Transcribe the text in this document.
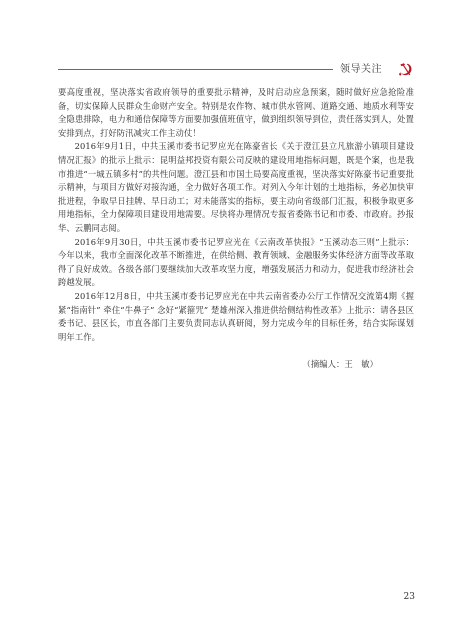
领导关注

要高度重视，坚决落实省政府领导的重要批示精神，及时启动应急预案，随时做好应急抢险准备，切实保障人民群众生命财产安全。特别是农作物、城市供水管网、道路交通、地质水利等安全隐患排除，电力和通信保障等方面要加强值班值守，做到组织领导到位，责任落实到人，处置安排到点，打好防汛减灾工作主动仗！

2016年9月1日，中共玉溪市委书记罗应光在陈豪省长《关于澄江县立凡旅游小镇项目建设情况汇报》的批示上批示：昆明益邦投资有限公司反映的建设用地指标问题，既是个案，也是我市推进“一城五镇多村”的共性问题。澄江县和市国土局要高度重视，坚决落实好陈豪书记重要批示精神，与项目方做好对接沟通，全力做好各项工作。对列入今年计划的土地指标，务必加快审批进程，争取早日挂牌、早日动工；对未能落实的指标，要主动向省级部门汇报，积极争取更多用地指标，全力保障项目建设用地需要。尽快将办理情况专报省委陈书记和市委、市政府。抄报华、云鹏同志阅。

2016年9月30日，中共玉溪市委书记罗应光在《云南改革快报》“玉溪动态三则”上批示：今年以来，我市全面深化改革不断推进，在供给侧、教育领域、金融服务实体经济方面等改革取得了良好成效。各级各部门要继续加大改革攻坚力度，增强发展活力和动力，促进我市经济社会跨越发展。

2016年12月8日，中共玉溪市委书记罗应光在中共云南省委办公厅工作情况交流第4期《握紧“指南针” 牵住“牛鼻子” 念好“紧箍咒” 楚雄州深入推进供给侧结构性改革》上批示：请各县区委书记、县区长，市直各部门主要负责同志认真研阅，努力完成今年的目标任务，结合实际谋划明年工作。

（摘编人：王　敏）

23
